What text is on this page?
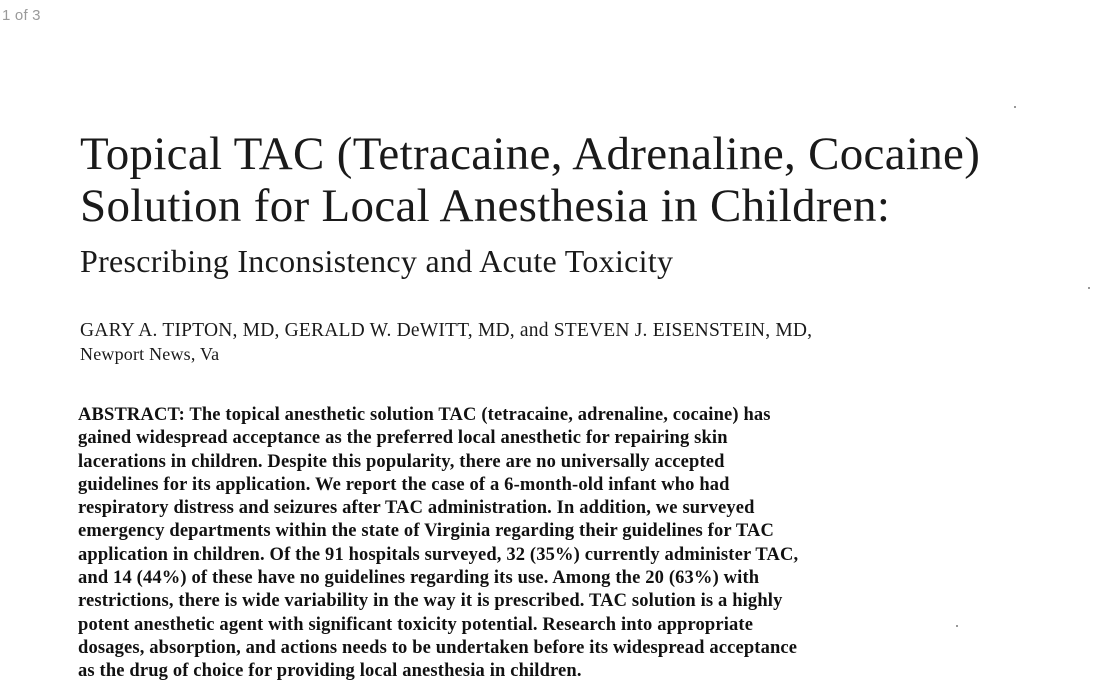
1 of 3
Topical TAC (Tetracaine, Adrenaline, Cocaine)
Solution for Local Anesthesia in Children:
Prescribing Inconsistency and Acute Toxicity
GARY A. TIPTON, MD, GERALD W. DeWITT, MD, and STEVEN J. EISENSTEIN, MD,
Newport News, Va
ABSTRACT: The topical anesthetic solution TAC (tetracaine, adrenaline, cocaine) has
gained widespread acceptance as the preferred local anesthetic for repairing skin
lacerations in children. Despite this popularity, there are no universally accepted
guidelines for its application. We report the case of a 6-month-old infant who had
respiratory distress and seizures after TAC administration. In addition, we surveyed
emergency departments within the state of Virginia regarding their guidelines for TAC
application in children. Of the 91 hospitals surveyed, 32 (35%) currently administer TAC,
and 14 (44%) of these have no guidelines regarding its use. Among the 20 (63%) with
restrictions, there is wide variability in the way it is prescribed. TAC solution is a highly
potent anesthetic agent with significant toxicity potential. Research into appropriate
dosages, absorption, and actions needs to be undertaken before its widespread acceptance
as the drug of choice for providing local anesthesia in children.
